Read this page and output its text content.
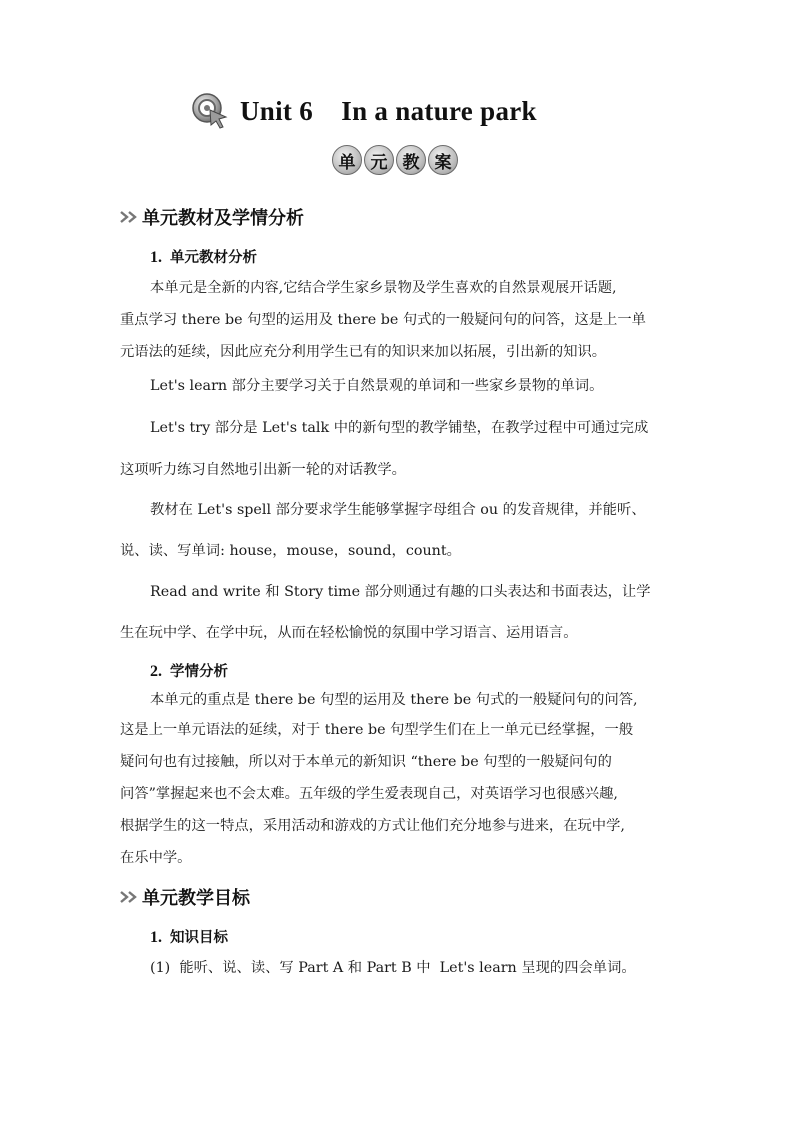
Unit 6    In a nature park
单 元 教 案
单元教材及学情分析
1. 单元教材分析
本单元是全新的内容,它结合学生家乡景物及学生喜欢的自然景观展开话题,
重点学习 there be 句型的运用及 there be 句式的一般疑问句的问答，这是上一单
元语法的延续，因此应充分利用学生已有的知识来加以拓展，引出新的知识。
Let's learn 部分主要学习关于自然景观的单词和一些家乡景物的单词。
Let's try 部分是 Let's talk 中的新句型的教学铺垫，在教学过程中可通过完成
这项听力练习自然地引出新一轮的对话教学。
教材在 Let's spell 部分要求学生能够掌握字母组合 ou 的发音规律，并能听、
说、读、写单词: house，mouse，sound，count。
Read and write 和 Story time 部分则通过有趣的口头表达和书面表达，让学
生在玩中学、在学中玩，从而在轻松愉悦的氛围中学习语言、运用语言。
2. 学情分析
本单元的重点是 there be 句型的运用及 there be 句式的一般疑问句的问答,
这是上一单元语法的延续，对于 there be 句型学生们在上一单元已经掌握，一般
疑问句也有过接触，所以对于本单元的新知识 “there be 句型的一般疑问句的
问答”掌握起来也不会太难。五年级的学生爱表现自己，对英语学习也很感兴趣,
根据学生的这一特点，采用活动和游戏的方式让他们充分地参与进来，在玩中学,
在乐中学。
单元教学目标
1. 知识目标
(1)  能听、说、读、写 Part A 和 Part B 中  Let's learn 呈现的四会单词。
